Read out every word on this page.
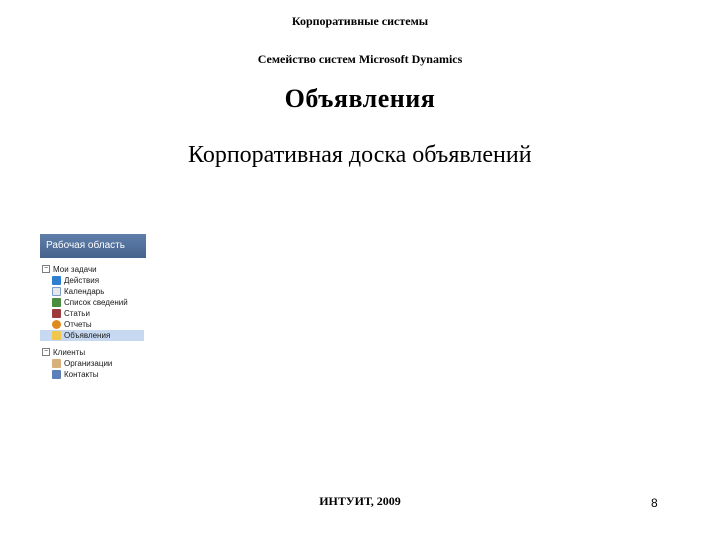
Корпоративные системы
Семейство систем Microsoft Dynamics
Объявления
Корпоративная доска объявлений
Рабочая область
− Мои задачи
Действия
Календарь
Список сведений
Статьи
Отчеты
Объявления
− Клиенты
Организации
Контакты
ИНТУИТ, 2009	8
